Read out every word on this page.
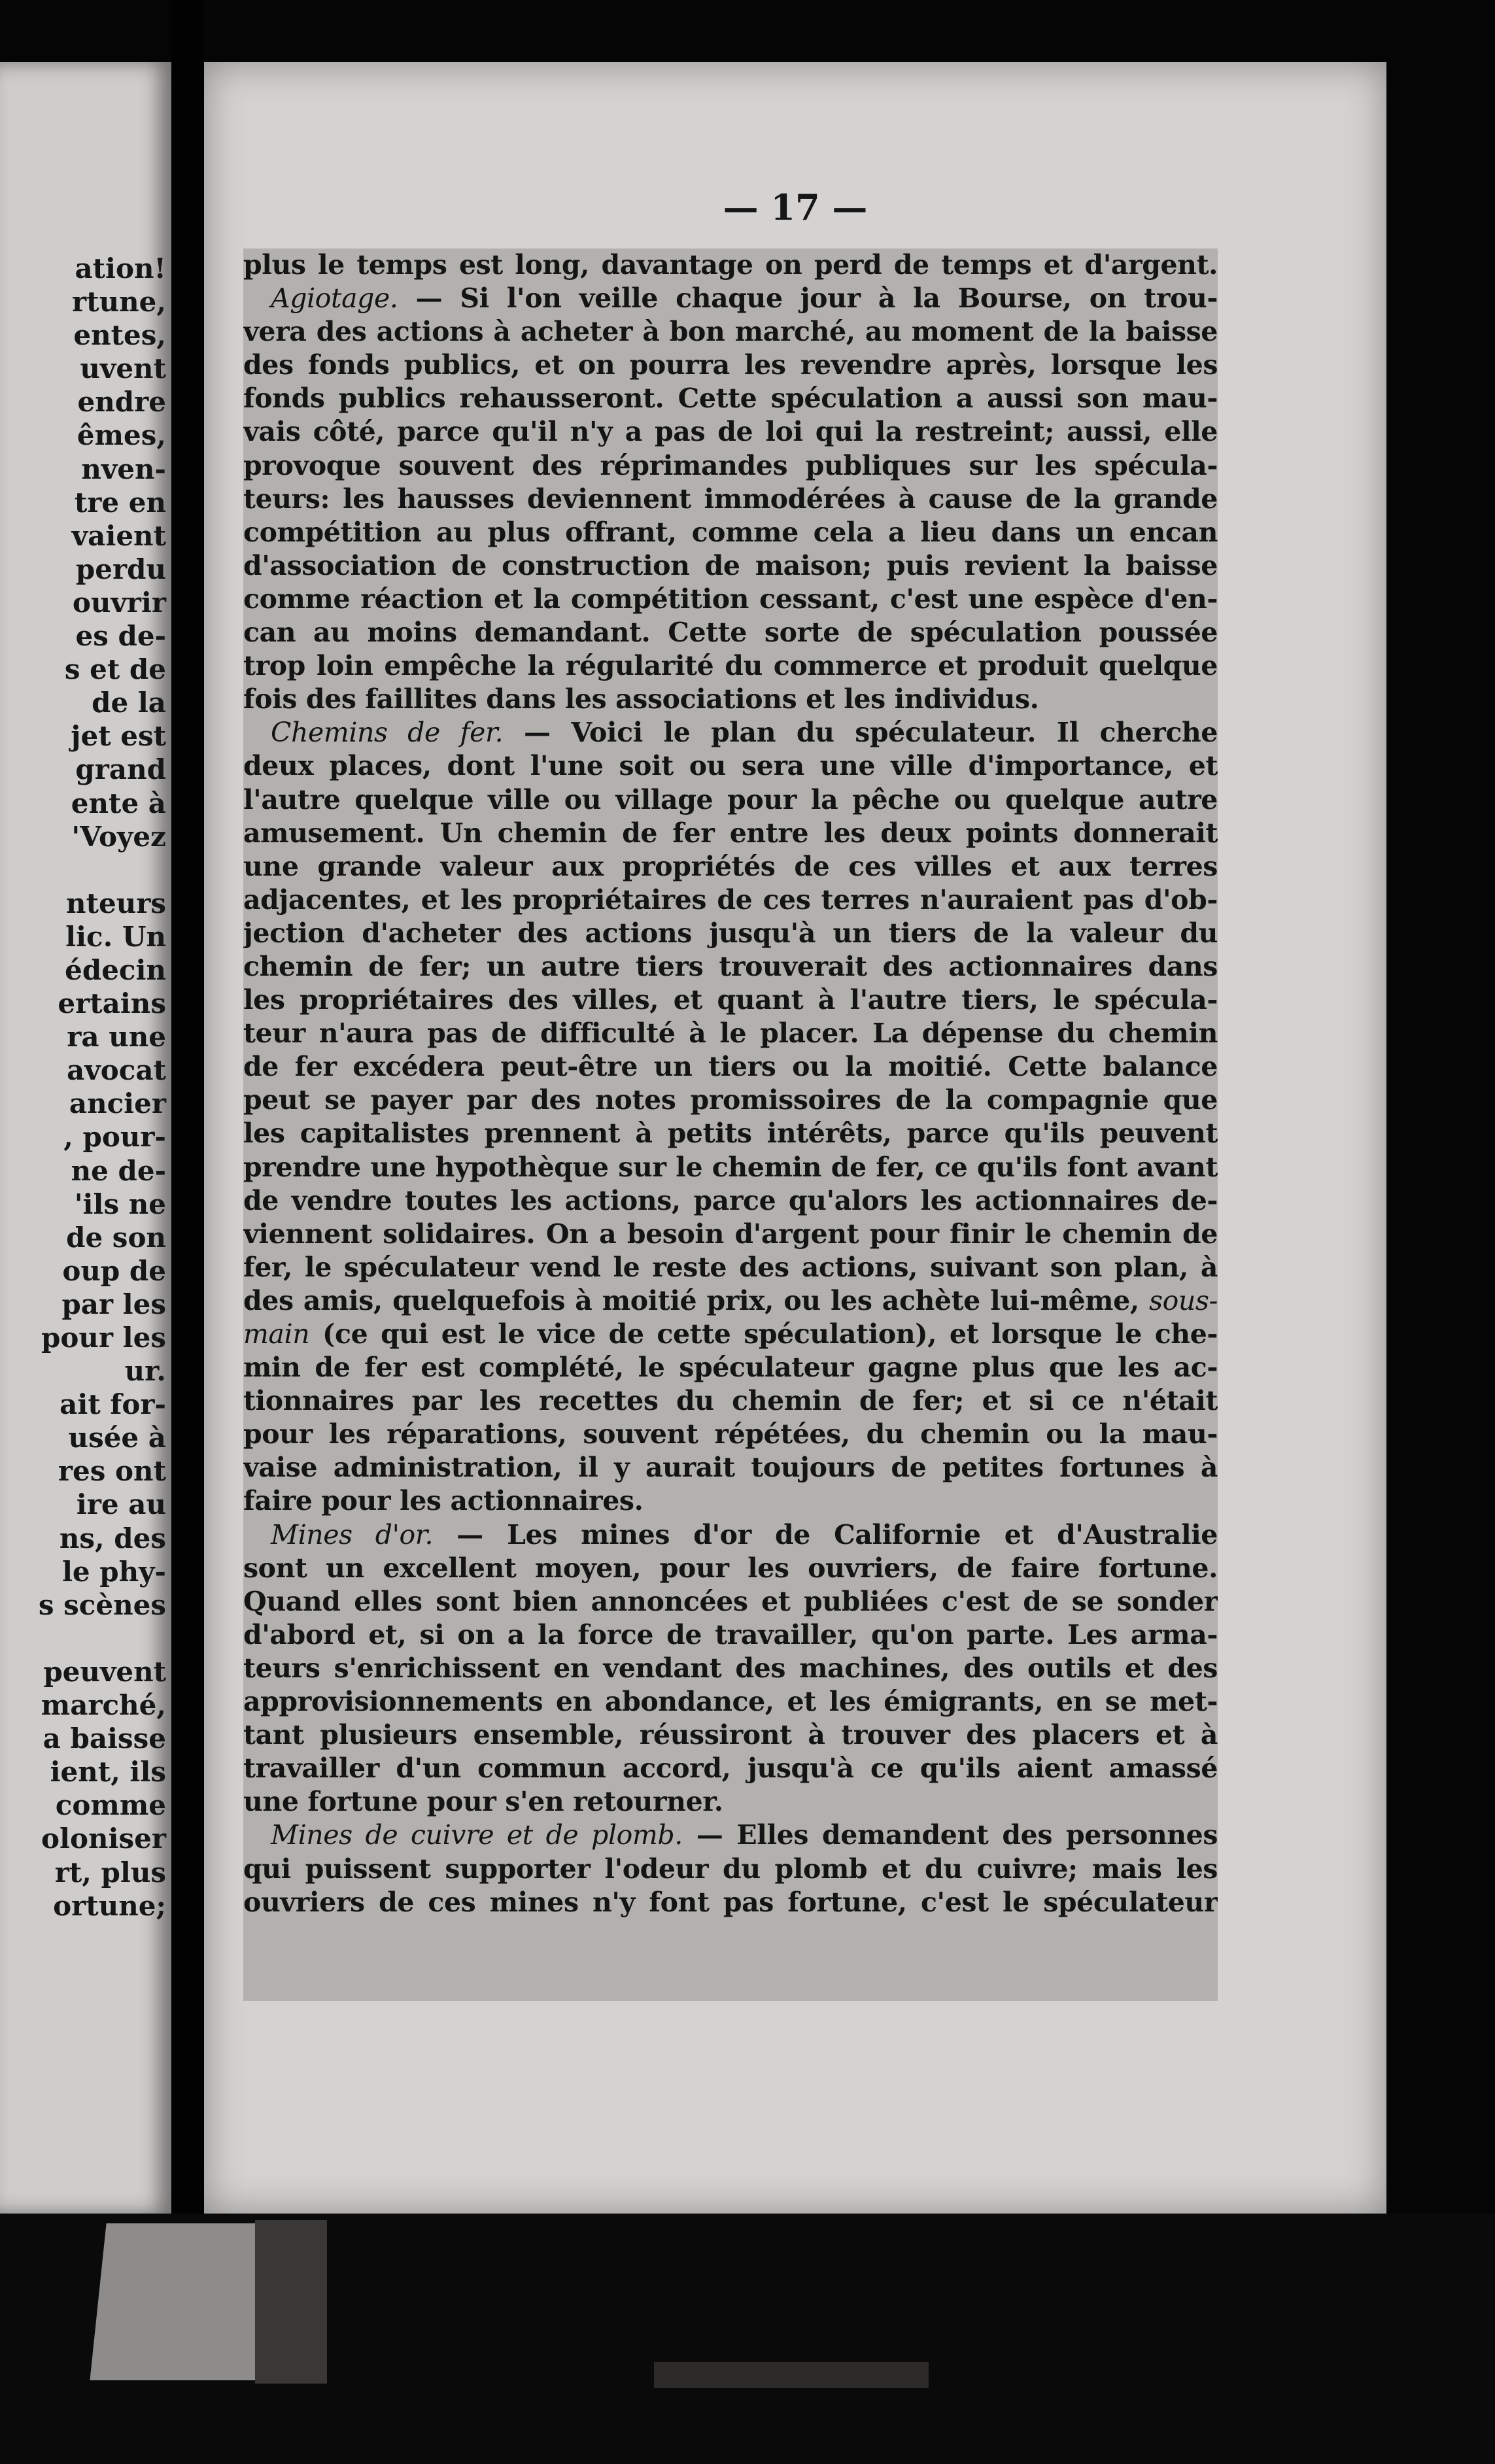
ation!
rtune,
entes,
uvent
endre
êmes,
nven-
tre en
vaient
perdu
ouvrir
es de-
s et de
de la
jet est
grand
ente à
'Voyez
nteurs
lic. Un
édecin
ertains
ra une
avocat
ancier
, pour-
ne de-
'ils ne
de son
oup de
par les
pour les
ur.
ait for-
usée à
res ont
ire au
ns, des
le phy-
s scènes
peuvent
marché,
a baisse
ient, ils
comme
oloniser
rt, plus
ortune;
— 17 —
plus le temps est long, davantage on perd de temps et d'argent.
Agiotage. — Si l'on veille chaque jour à la Bourse, on trou-
vera des actions à acheter à bon marché, au moment de la baisse
des fonds publics, et on pourra les revendre après, lorsque les
fonds publics rehausseront. Cette spéculation a aussi son mau-
vais côté, parce qu'il n'y a pas de loi qui la restreint; aussi, elle
provoque souvent des réprimandes publiques sur les spécula-
teurs: les hausses deviennent immodérées à cause de la grande
compétition au plus offrant, comme cela a lieu dans un encan
d'association de construction de maison; puis revient la baisse
comme réaction et la compétition cessant, c'est une espèce d'en-
can au moins demandant. Cette sorte de spéculation poussée
trop loin empêche la régularité du commerce et produit quelque
fois des faillites dans les associations et les individus.
Chemins de fer. — Voici le plan du spéculateur. Il cherche
deux places, dont l'une soit ou sera une ville d'importance, et
l'autre quelque ville ou village pour la pêche ou quelque autre
amusement. Un chemin de fer entre les deux points donnerait
une grande valeur aux propriétés de ces villes et aux terres
adjacentes, et les propriétaires de ces terres n'auraient pas d'ob-
jection d'acheter des actions jusqu'à un tiers de la valeur du
chemin de fer; un autre tiers trouverait des actionnaires dans
les propriétaires des villes, et quant à l'autre tiers, le spécula-
teur n'aura pas de difficulté à le placer. La dépense du chemin
de fer excédera peut-être un tiers ou la moitié. Cette balance
peut se payer par des notes promissoires de la compagnie que
les capitalistes prennent à petits intérêts, parce qu'ils peuvent
prendre une hypothèque sur le chemin de fer, ce qu'ils font avant
de vendre toutes les actions, parce qu'alors les actionnaires de-
viennent solidaires. On a besoin d'argent pour finir le chemin de
fer, le spéculateur vend le reste des actions, suivant son plan, à
des amis, quelquefois à moitié prix, ou les achète lui-même, sous-
main (ce qui est le vice de cette spéculation), et lorsque le che-
min de fer est complété, le spéculateur gagne plus que les ac-
tionnaires par les recettes du chemin de fer; et si ce n'était
pour les réparations, souvent répétées, du chemin ou la mau-
vaise administration, il y aurait toujours de petites fortunes à
faire pour les actionnaires.
Mines d'or. — Les mines d'or de Californie et d'Australie
sont un excellent moyen, pour les ouvriers, de faire fortune.
Quand elles sont bien annoncées et publiées c'est de se sonder
d'abord et, si on a la force de travailler, qu'on parte. Les arma-
teurs s'enrichissent en vendant des machines, des outils et des
approvisionnements en abondance, et les émigrants, en se met-
tant plusieurs ensemble, réussiront à trouver des placers et à
travailler d'un commun accord, jusqu'à ce qu'ils aient amassé
une fortune pour s'en retourner.
Mines de cuivre et de plomb. — Elles demandent des personnes
qui puissent supporter l'odeur du plomb et du cuivre; mais les
ouvriers de ces mines n'y font pas fortune, c'est le spéculateur
